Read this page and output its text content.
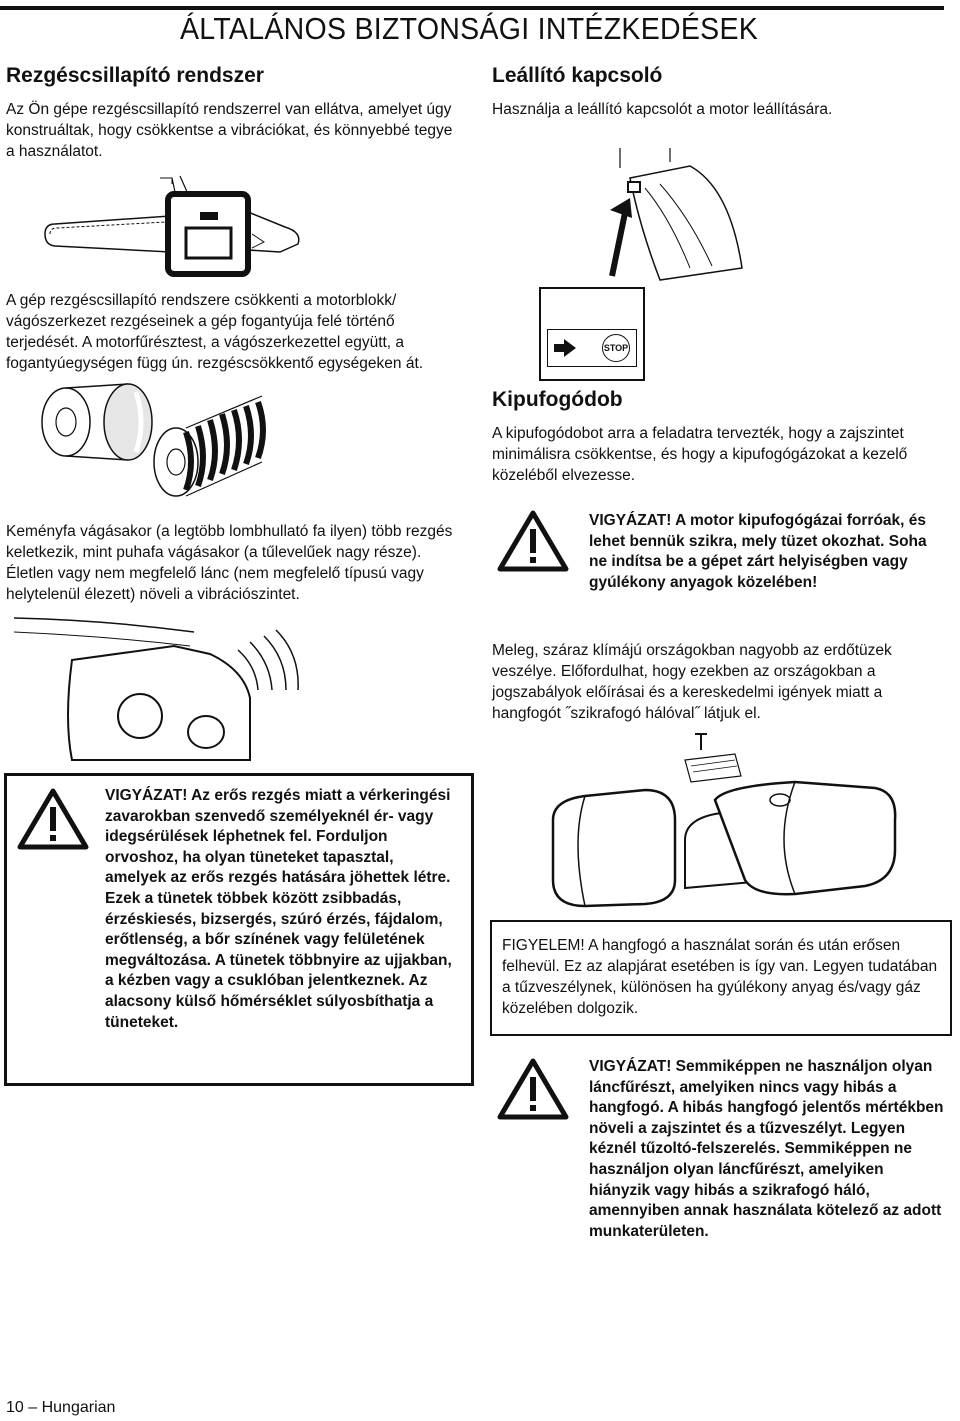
ÁLTALÁNOS BIZTONSÁGI INTÉZKEDÉSEK
Rezgéscsillapító rendszer
Az Ön gépe rezgéscsillapító rendszerrel van ellátva, amelyet úgy konstruáltak, hogy csökkentse a vibrációkat, és könnyebbé tegye a használatot.
A gép rezgéscsillapító rendszere csökkenti a motorblokk/ vágószerkezet rezgéseinek a gép fogantyúja felé történő terjedését. A motorfűrésztest, a vágószerkezettel együtt, a fogantyúegységen függ ún. rezgéscsökkentő egységeken át.
Keményfa vágásakor (a legtöbb lombhullató fa ilyen) több rezgés keletkezik, mint puhafa vágásakor (a tűlevelűek nagy része). Életlen vagy nem megfelelő lánc (nem megfelelő típusú vagy helytelenül élezett) növeli a vibrációszintet.
VIGYÁZAT! Az erős rezgés miatt a vérkeringési zavarokban szenvedő személyeknél ér- vagy idegsérülések léphetnek fel. Forduljon orvoshoz, ha olyan tüneteket tapasztal, amelyek az erős rezgés hatására jöhettek létre. Ezek a tünetek többek között zsibbadás, érzéskiesés, bizsergés, szúró érzés, fájdalom, erőtlenség, a bőr színének vagy felületének megváltozása. A tünetek többnyire az ujjakban, a kézben vagy a csuklóban jelentkeznek. Az alacsony külső hőmérséklet súlyosbíthatja a tüneteket.
Leállító kapcsoló
Használja a leállító kapcsolót a motor leállítására.
STOP
Kipufogódob
A kipufogódobot arra a feladatra tervezték, hogy a zajszintet minimálisra csökkentse, és hogy a kipufogógázokat a kezelő közeléből elvezesse.
VIGYÁZAT! A motor kipufogógázai forróak, és lehet bennük szikra, mely tüzet okozhat. Soha ne indítsa be a gépet zárt helyiségben vagy gyúlékony anyagok közelében!
Meleg, száraz klímájú országokban nagyobb az erdőtüzek veszélye. Előfordulhat, hogy ezekben az országokban a jogszabályok előírásai és a kereskedelmi igények miatt a hangfogót ˝szikrafogó hálóval˝ látjuk el.
FIGYELEM! A hangfogó a használat során és után erősen felhevül. Ez az alapjárat esetében is így van. Legyen tudatában a tűzveszélynek, különösen ha gyúlékony anyag és/vagy gáz közelében dolgozik.
VIGYÁZAT! Semmiképpen ne használjon olyan láncfűrészt, amelyiken nincs vagy hibás a hangfogó. A hibás hangfogó jelentős mértékben növeli a zajszintet és a tűzveszélyt. Legyen kéznél tűzoltó-felszerelés. Semmiképpen ne használjon olyan láncfűrészt, amelyiken hiányzik vagy hibás a szikrafogó háló, amennyiben annak használata kötelező az adott munkaterületen.
10 – Hungarian
